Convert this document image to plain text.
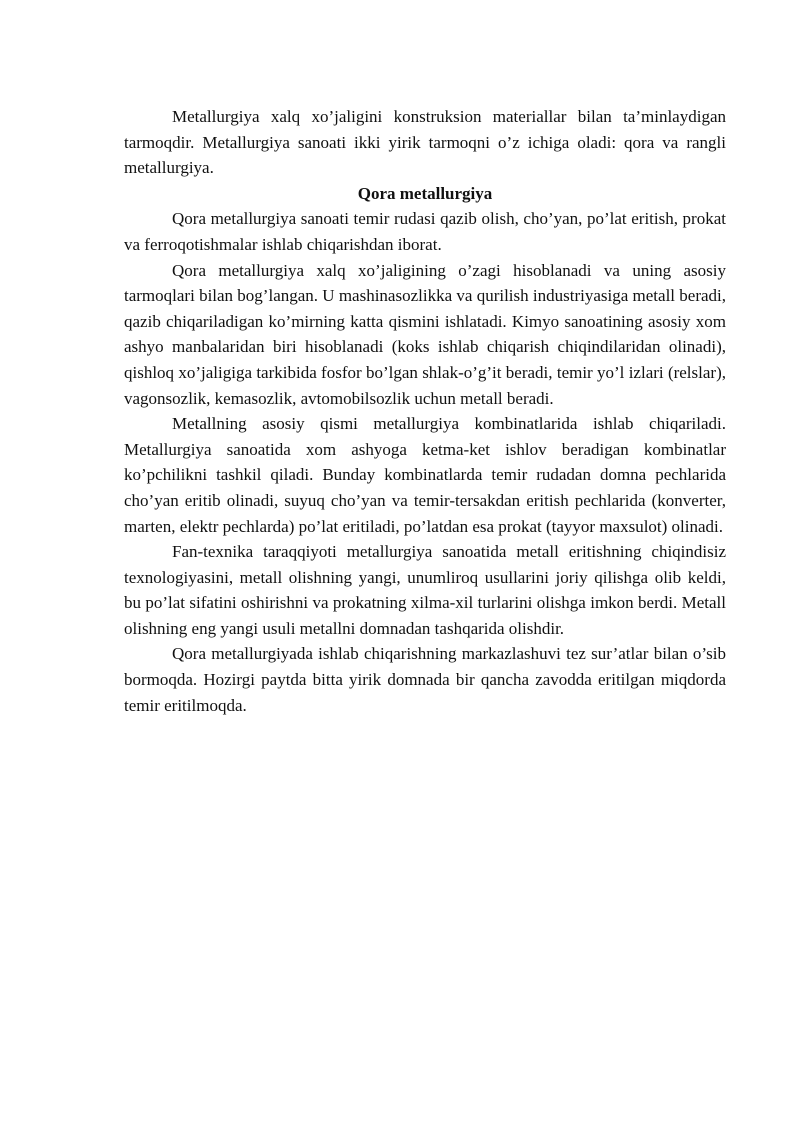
Metallurgiya xalq xo’jaligini konstruksion materiallar bilan ta’minlaydigan tarmoqdir. Metallurgiya sanoati ikki yirik tarmoqni o’z ichiga oladi: qora va rangli metallurgiya.

Qora metallurgiya

Qora metallurgiya sanoati temir rudasi qazib olish, cho’yan, po’lat eritish, prokat va ferroqotishmalar ishlab chiqarishdan iborat.

Qora metallurgiya xalq xo’jaligining o’zagi hisoblanadi va uning asosiy tarmoqlari bilan bog’langan. U mashinasozlikka va qurilish industriyasiga metall beradi, qazib chiqariladigan ko’mirning katta qismini ishlatadi. Kimyo sanoatining asosiy xom ashyo manbalaridan biri hisoblanadi (koks ishlab chiqarish chiqindilaridan olinadi), qishloq xo’jaligiga tarkibida fosfor bo’lgan shlak-o’g’it beradi, temir yo’l izlari (relslar), vagonsozlik, kemasozlik, avtomobilsozlik uchun metall beradi.

Metallning asosiy qismi metallurgiya kombinatlarida ishlab chiqariladi. Metallurgiya sanoatida xom ashyoga ketma-ket ishlov beradigan kombinatlar ko’pchilikni tashkil qiladi. Bunday kombinatlarda temir rudadan domna pechlarida cho’yan eritib olinadi, suyuq cho’yan va temir-tersakdan eritish pechlarida (konverter, marten, elektr pechlarda) po’lat eritiladi, po’latdan esa prokat (tayyor maxsulot) olinadi.

Fan-texnika taraqqiyoti metallurgiya sanoatida metall eritishning chiqindisiz texnologiyasini, metall olishning yangi, unumliroq usullarini joriy qilishga olib keldi, bu po’lat sifatini oshirishni va prokatning xilma-xil turlarini olishga imkon berdi. Metall olishning eng yangi usuli metallni domnadan tashqarida olishdir.

Qora metallurgiyada ishlab chiqarishning markazlashuvi tez sur’atlar bilan o’sib bormoqda. Hozirgi paytda bitta yirik domnada bir qancha zavodda eritilgan miqdorda temir eritilmoqda.
